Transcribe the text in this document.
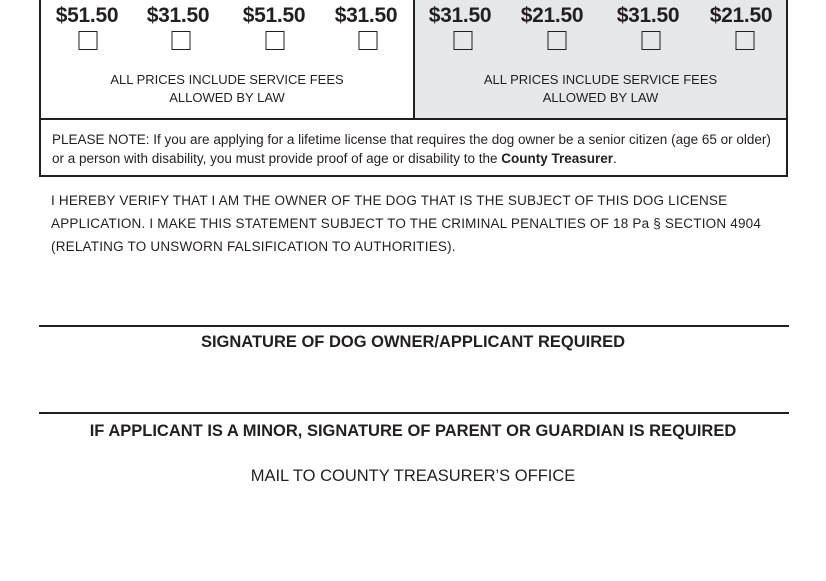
$51.50 $31.50 $51.50 $31.50
ALL PRICES INCLUDE SERVICE FEES
ALLOWED BY LAW
$31.50 $21.50 $31.50 $21.50
ALL PRICES INCLUDE SERVICE FEES
ALLOWED BY LAW
PLEASE NOTE: If you are applying for a lifetime license that requires the dog owner be a senior citizen (age 65 or older) or a person with disability, you must provide proof of age or disability to the County Treasurer.
I HEREBY VERIFY THAT I AM THE OWNER OF THE DOG THAT IS THE SUBJECT OF THIS DOG LICENSE
APPLICATION. I MAKE THIS STATEMENT SUBJECT TO THE CRIMINAL PENALTIES OF 18 Pa § SECTION 4904
(RELATING TO UNSWORN FALSIFICATION TO AUTHORITIES).
SIGNATURE OF DOG OWNER/APPLICANT REQUIRED
IF APPLICANT IS A MINOR, SIGNATURE OF PARENT OR GUARDIAN IS REQUIRED
MAIL TO COUNTY TREASURER’S OFFICE
